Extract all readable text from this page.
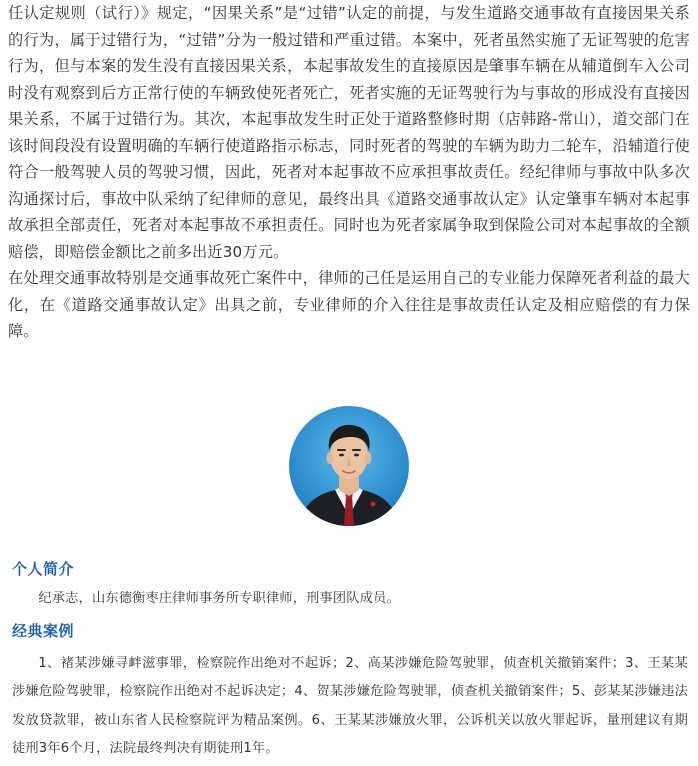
任认定规则（试行）》规定，“因果关系”是“过错”认定的前提，与发生道路交通事故有直接因果关系的行为，属于过错行为，“过错”分为一般过错和严重过错。本案中，死者虽然实施了无证驾驶的危害行为，但与本案的发生没有直接因果关系，本起事故发生的直接原因是肇事车辆在从辅道倒车入公司时没有观察到后方正常行使的车辆致使死者死亡，死者实施的无证驾驶行为与事故的形成没有直接因果关系，不属于过错行为。其次，本起事故发生时正处于道路整修时期（店韩路-常山），道交部门在该时间段没有设置明确的车辆行使道路指示标志，同时死者的驾驶的车辆为助力二轮车，沿辅道行使符合一般驾驶人员的驾驶习惯，因此，死者对本起事故不应承担事故责任。经纪律师与事故中队多次沟通探讨后，事故中队采纳了纪律师的意见，最终出具《道路交通事故认定》认定肇事车辆对本起事故承担全部责任，死者对本起事故不承担责任。同时也为死者家属争取到保险公司对本起事故的全额赔偿，即赔偿金额比之前多出近30万元。

在处理交通事故特别是交通事故死亡案件中，律师的己任是运用自己的专业能力保障死者利益的最大化，在《道路交通事故认定》出具之前，专业律师的介入往往是事故责任认定及相应赔偿的有力保障。

个人简介

纪承志，山东德衡枣庄律师事务所专职律师，刑事团队成员。

经典案例

1、褚某涉嫌寻衅滋事罪，检察院作出绝对不起诉；2、高某涉嫌危险驾驶罪，侦查机关撤销案件；3、王某某涉嫌危险驾驶罪，检察院作出绝对不起诉决定；4、贺某涉嫌危险驾驶罪，侦查机关撤销案件；5、彭某某涉嫌违法发放贷款罪，被山东省人民检察院评为精品案例。6、王某某涉嫌放火罪，公诉机关以放火罪起诉，量刑建议有期徒刑3年6个月，法院最终判决有期徒刑1年。
